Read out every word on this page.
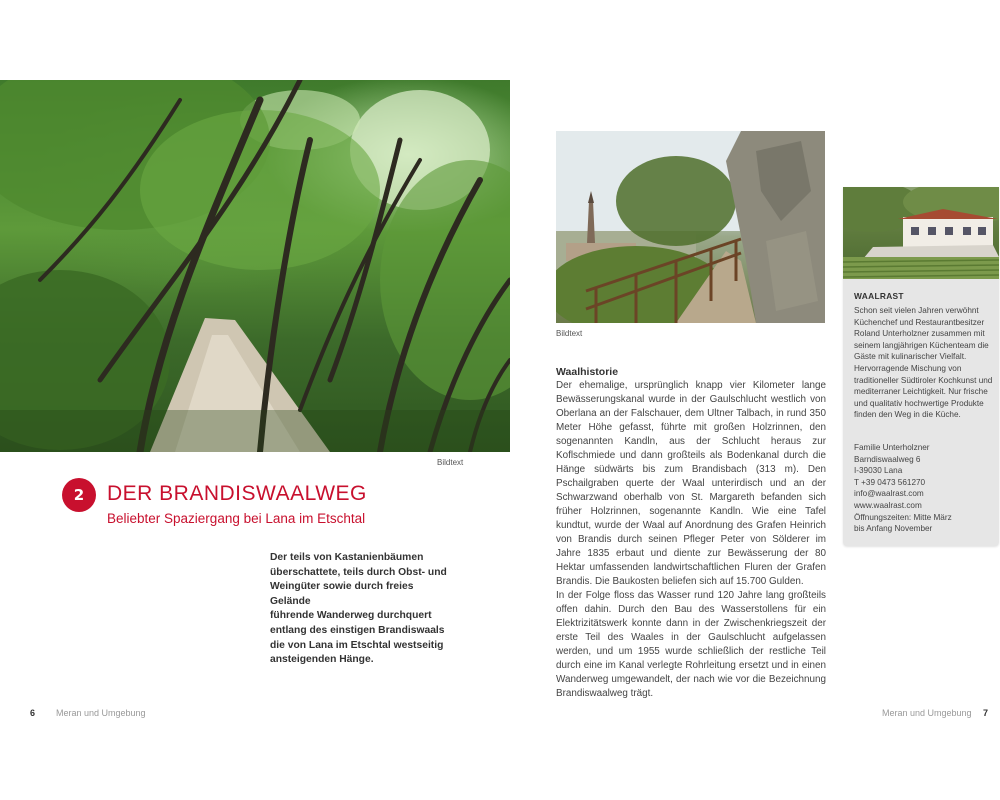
Bildtext
2	DER BRANDISWAALWEG
Beliebter Spaziergang bei Lana im Etschtal
Der teils von Kastanienbäumen
überschattete, teils durch Obst- und
Weingüter sowie durch freies Gelände
führende Wanderweg durchquert
entlang des einstigen Brandiswaals
die von Lana im Etschtal westseitig
ansteigenden Hänge.
6 Meran und Umgebung
Bildtext
Waalhistorie

Der ehemalige, ursprünglich knapp vier Kilometer lange Bewässerungskanal wurde in der Gaulschlucht westlich von Oberlana an der Falschauer, dem Ultner Talbach, in rund 350 Meter Höhe gefasst, führte mit großen Holzrinnen, den sogenannten Kandln, aus der Schlucht heraus zur Koflschmiede und dann großteils als Bodenkanal durch die Hänge südwärts bis zum Brandisbach (313 m). Den Pschailgraben querte der Waal unterirdisch und an der Schwarzwand oberhalb von St. Margareth befanden sich früher Holzrinnen, sogenannte Kandln. Wie eine Tafel kundtut, wurde der Waal auf Anordnung des Grafen Heinrich von Brandis durch seinen Pfleger Peter von Sölderer im Jahre 1835 erbaut und diente zur Bewässerung der 80 Hektar umfassenden landwirtschaftlichen Fluren der Grafen Brandis. Die Baukosten beliefen sich auf 15.700 Gulden.

In der Folge floss das Wasser rund 120 Jahre lang großteils offen dahin. Durch den Bau des Wasserstollens für ein Elektrizitätswerk konnte dann in der Zwischenkriegszeit der erste Teil des Waales in der Gaulschlucht aufgelassen werden, und um 1955 wurde schließlich der restliche Teil durch eine im Kanal verlegte Rohrleitung ersetzt und in einen Wanderweg umgewandelt, der nach wie vor die Bezeichnung Brandiswaalweg trägt.

WAALRAST
Schon seit vielen Jahren verwöhnt Küchenchef und Restaurantbesitzer Roland Unterholzner zusammen mit seinem langjährigen Küchenteam die Gäste mit kulinarischer Vielfalt. Hervorragende Mischung von traditioneller Südtiroler Kochkunst und mediterraner Leichtigkeit. Nur frische und qualitativ hochwertige Produkte finden den Weg in die Küche.
Familie Unterholzner
Barndiswaalweg 6
I-39030 Lana
T +39 0473 561270
info@waalrast.com
www.waalrast.com
Öffnungszeiten: Mitte März
bis Anfang November
Meran und Umgebung 7
